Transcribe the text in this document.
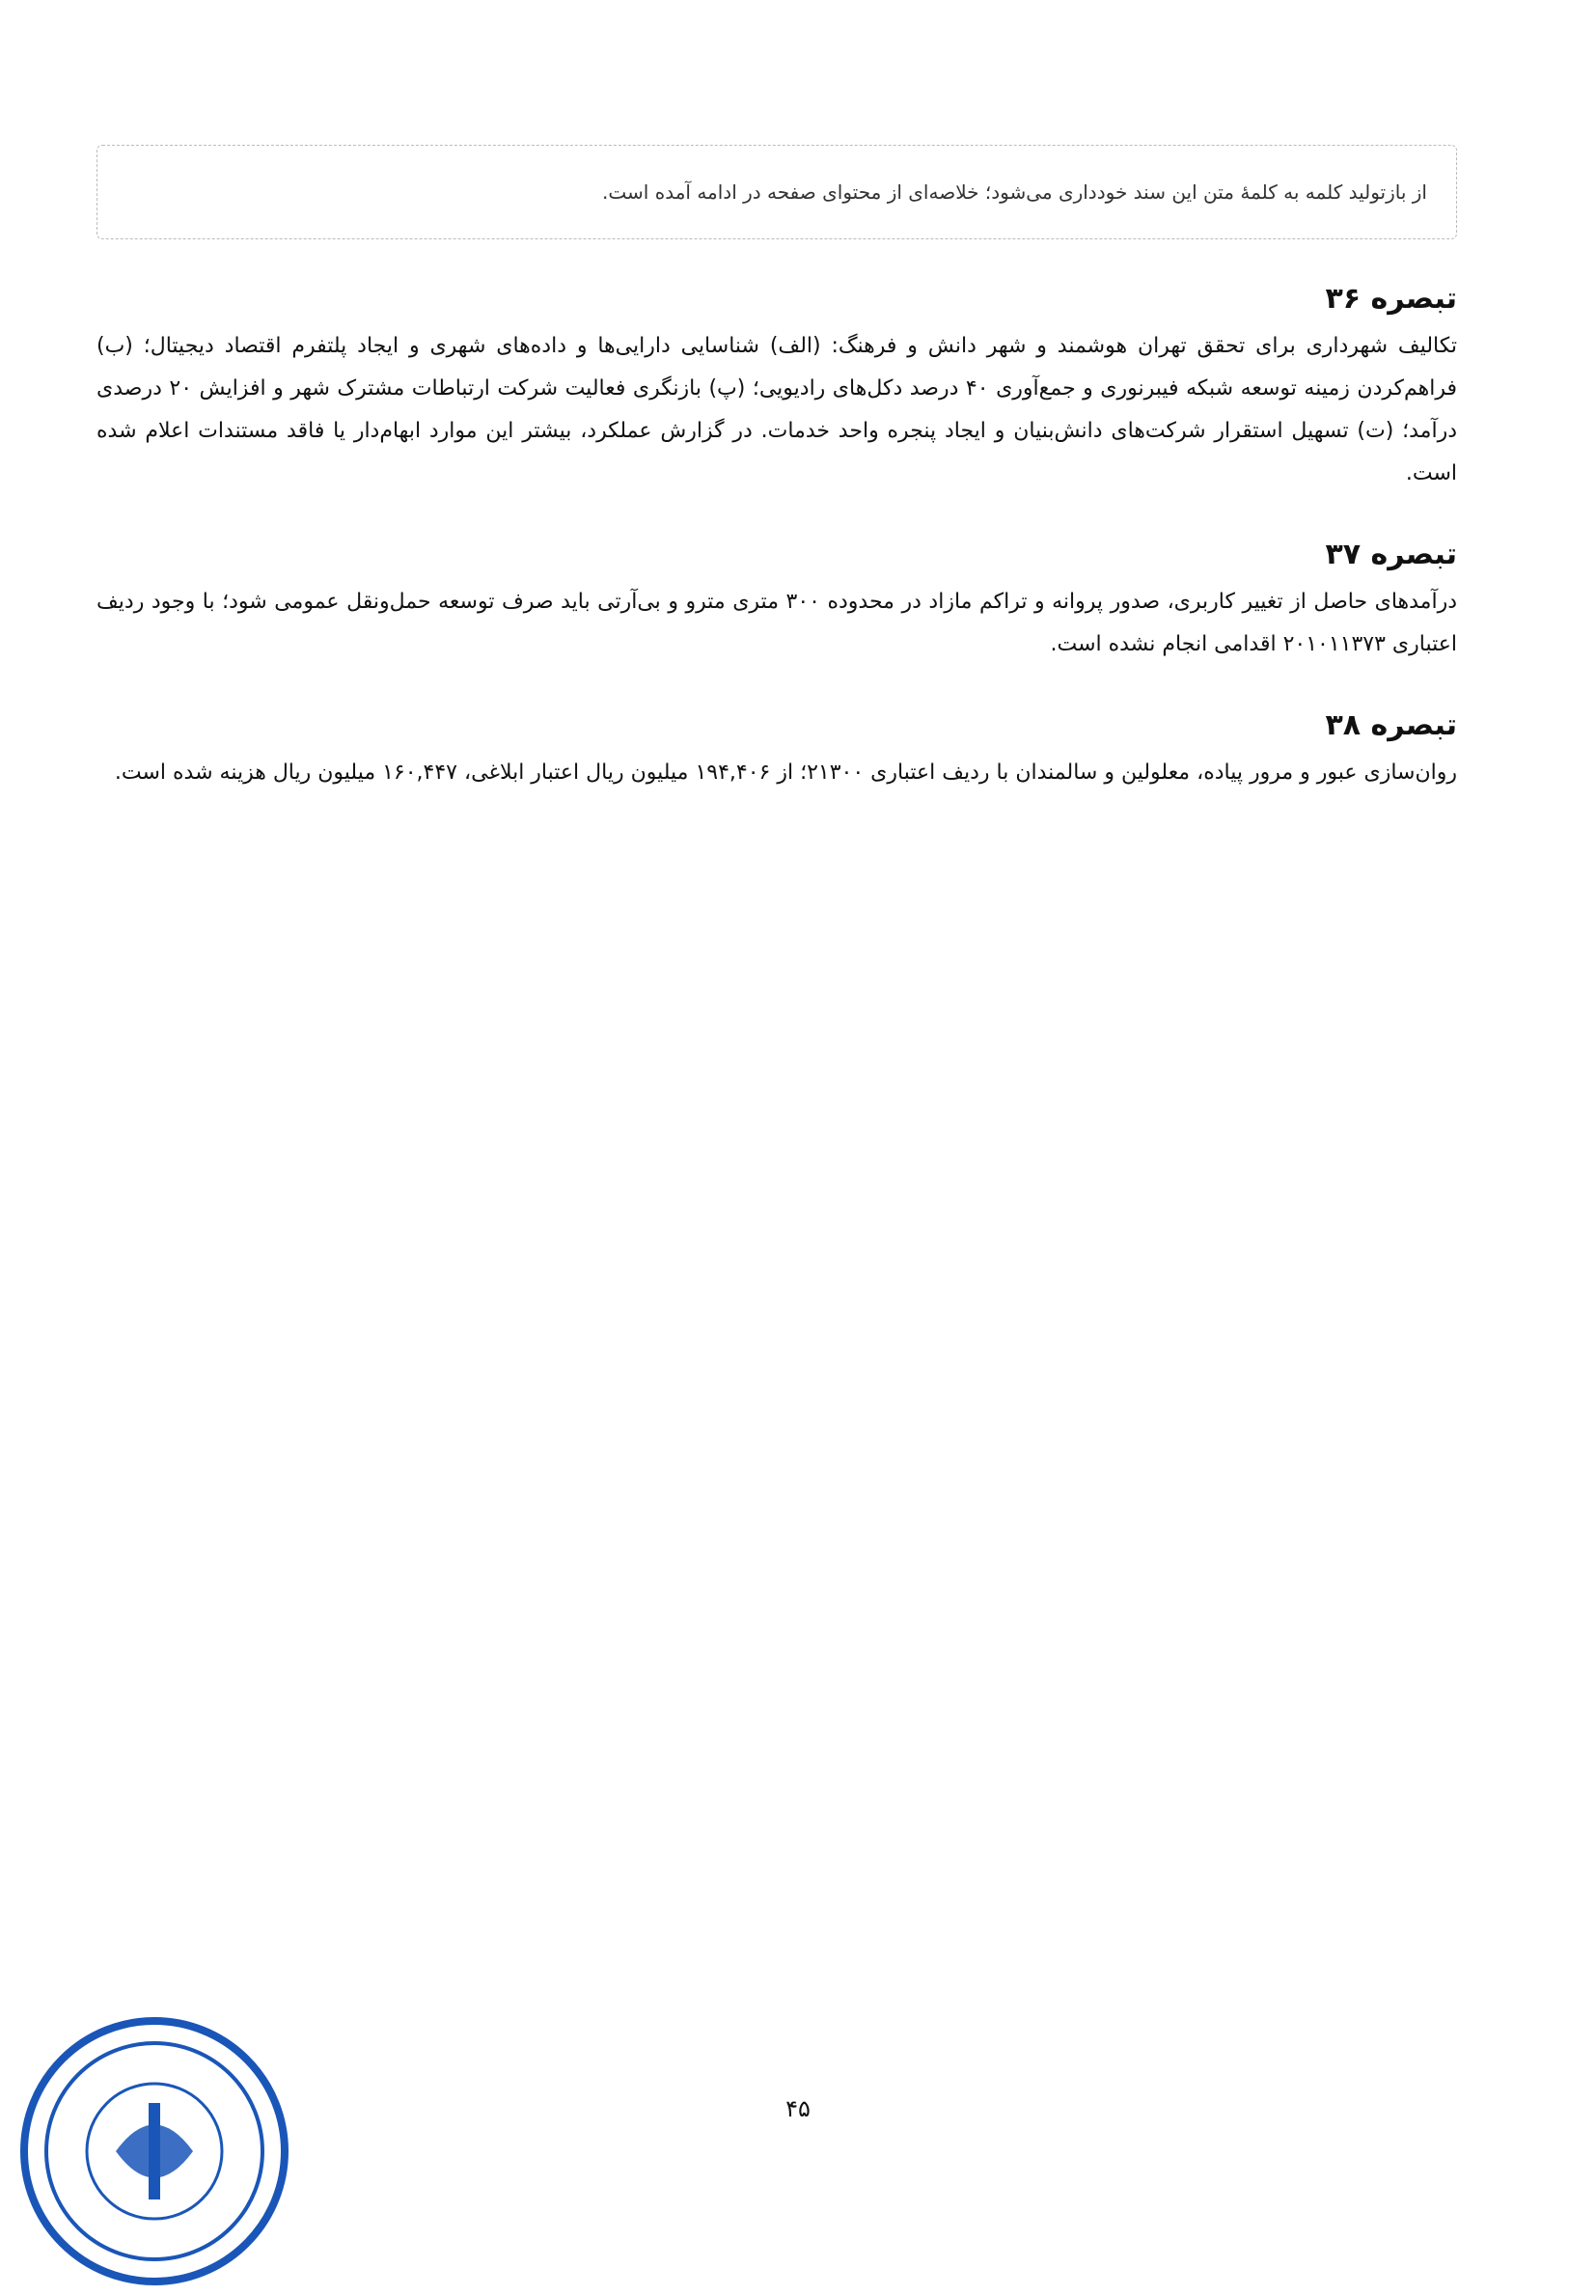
از بازتولید کلمه به کلمهٔ متن این سند خودداری می‌شود؛ خلاصه‌ای از محتوای صفحه در ادامه آمده است.
تبصره ۳۶
تکالیف شهرداری برای تحقق تهران هوشمند و شهر دانش و فرهنگ: (الف) شناسایی دارایی‌ها و داده‌های شهری و ایجاد پلتفرم اقتصاد دیجیتال؛ (ب) فراهم‌کردن زمینه توسعه شبکه فیبرنوری و جمع‌آوری ۴۰ درصد دکل‌های رادیویی؛ (پ) بازنگری فعالیت شرکت ارتباطات مشترک شهر و افزایش ۲۰ درصدی درآمد؛ (ت) تسهیل استقرار شرکت‌های دانش‌بنیان و ایجاد پنجره واحد خدمات. در گزارش عملکرد، بیشتر این موارد ابهام‌دار یا فاقد مستندات اعلام شده است.
تبصره ۳۷
درآمدهای حاصل از تغییر کاربری، صدور پروانه و تراکم مازاد در محدوده ۳۰۰ متری مترو و بی‌آرتی باید صرف توسعه حمل‌ونقل عمومی شود؛ با وجود ردیف اعتباری ۲۰۱۰۱۱۳۷۳ اقدامی انجام نشده است.
تبصره ۳۸
روان‌سازی عبور و مرور پیاده، معلولین و سالمندان با ردیف اعتباری ۲۱۳۰۰؛ از ۱۹۴,۴۰۶ میلیون ریال اعتبار ابلاغی، ۱۶۰,۴۴۷ میلیون ریال هزینه شده است.
۴۵
